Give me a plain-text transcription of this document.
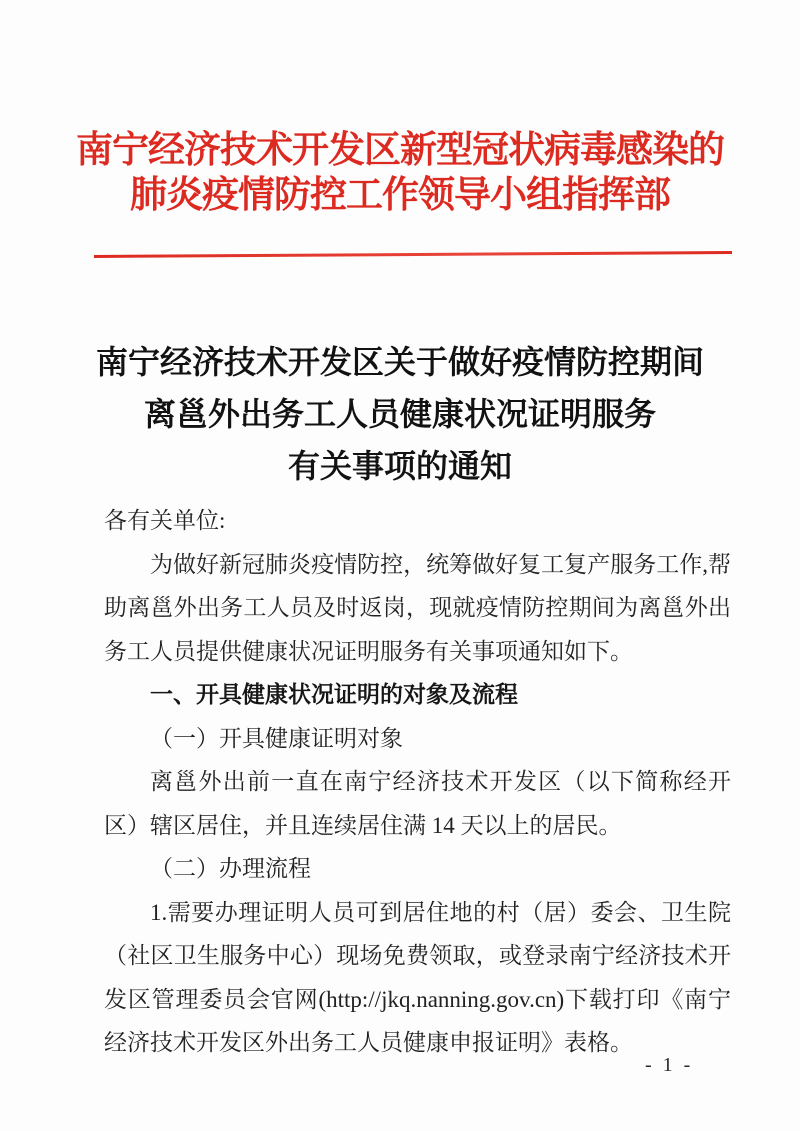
南宁经济技术开发区新型冠状病毒感染的
肺炎疫情防控工作领导小组指挥部
南宁经济技术开发区关于做好疫情防控期间
离邕外出务工人员健康状况证明服务
有关事项的通知

各有关单位:

为做好新冠肺炎疫情防控，统筹做好复工复产服务工作,帮助离邕外出务工人员及时返岗，现就疫情防控期间为离邕外出务工人员提供健康状况证明服务有关事项通知如下。

一、开具健康状况证明的对象及流程

（一）开具健康证明对象

离邕外出前一直在南宁经济技术开发区（以下简称经开区）辖区居住，并且连续居住满 14 天以上的居民。

（二）办理流程

1.需要办理证明人员可到居住地的村（居）委会、卫生院（社区卫生服务中心）现场免费领取，或登录南宁经济技术开发区管理委员会官网(http://jkq.nanning.gov.cn)下载打印《南宁经济技术开发区外出务工人员健康申报证明》表格。

- 1 -
